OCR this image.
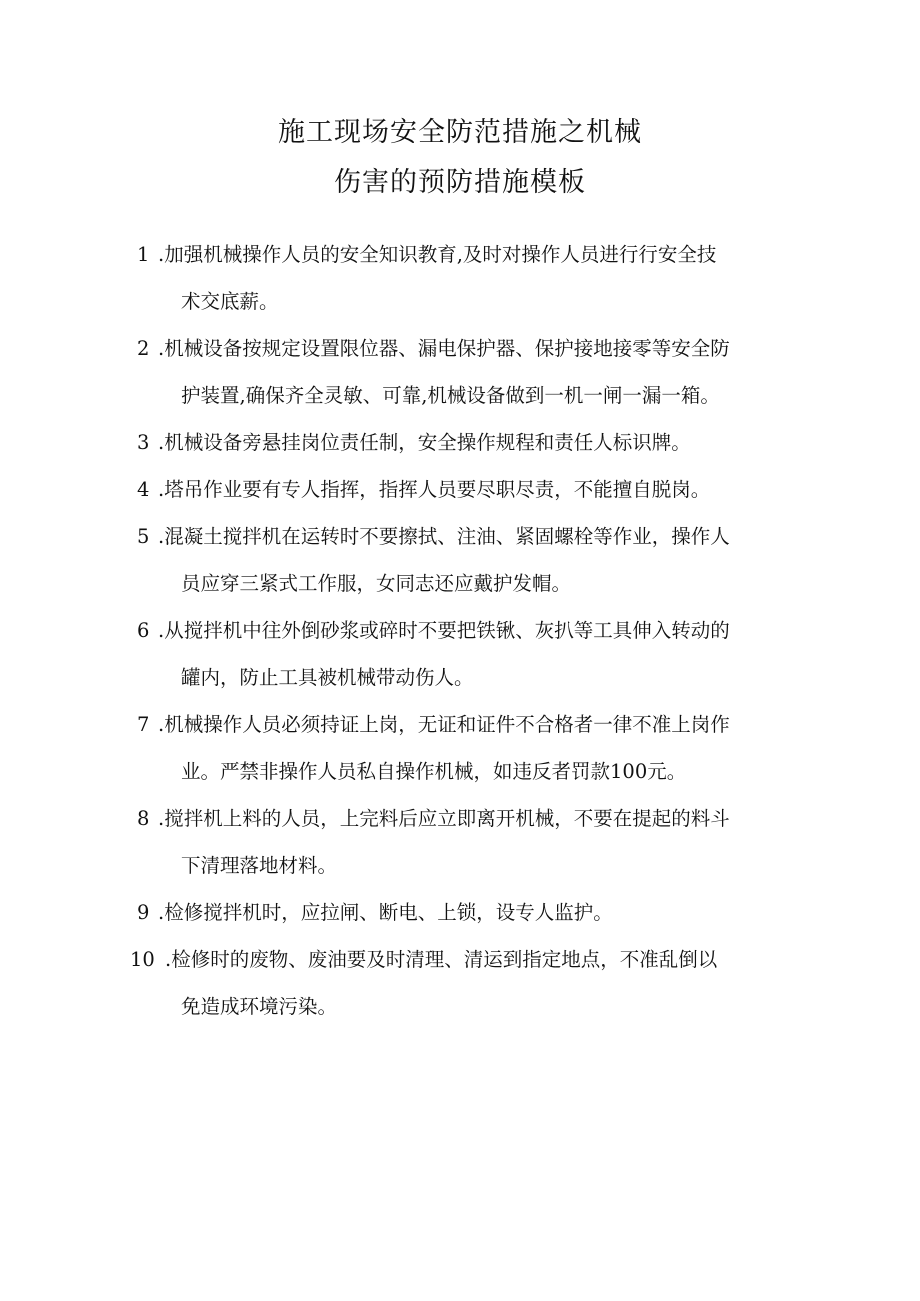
施工现场安全防范措施之机械
伤害的预防措施模板
1 .加强机械操作人员的安全知识教育,及时对操作人员进行行安全技
术交底薪。
2 .机械设备按规定设置限位器、漏电保护器、保护接地接零等安全防
护装置,确保齐全灵敏、可靠,机械设备做到一机一闸一漏一箱。
3 .机械设备旁悬挂岗位责任制，安全操作规程和责任人标识牌。
4 .塔吊作业要有专人指挥，指挥人员要尽职尽责，不能擅自脱岗。
5 .混凝土搅拌机在运转时不要擦拭、注油、紧固螺栓等作业，操作人
员应穿三紧式工作服，女同志还应戴护发帽。
6 .从搅拌机中往外倒砂浆或碎时不要把铁锹、灰扒等工具伸入转动的
罐内，防止工具被机械带动伤人。
7 .机械操作人员必须持证上岗，无证和证件不合格者一律不准上岗作
业。严禁非操作人员私自操作机械，如违反者罚款100元。
8 .搅拌机上料的人员，上完料后应立即离开机械，不要在提起的料斗
下清理落地材料。
9 .检修搅拌机时，应拉闸、断电、上锁，设专人监护。
10 .检修时的废物、废油要及时清理、清运到指定地点，不准乱倒以
免造成环境污染。
